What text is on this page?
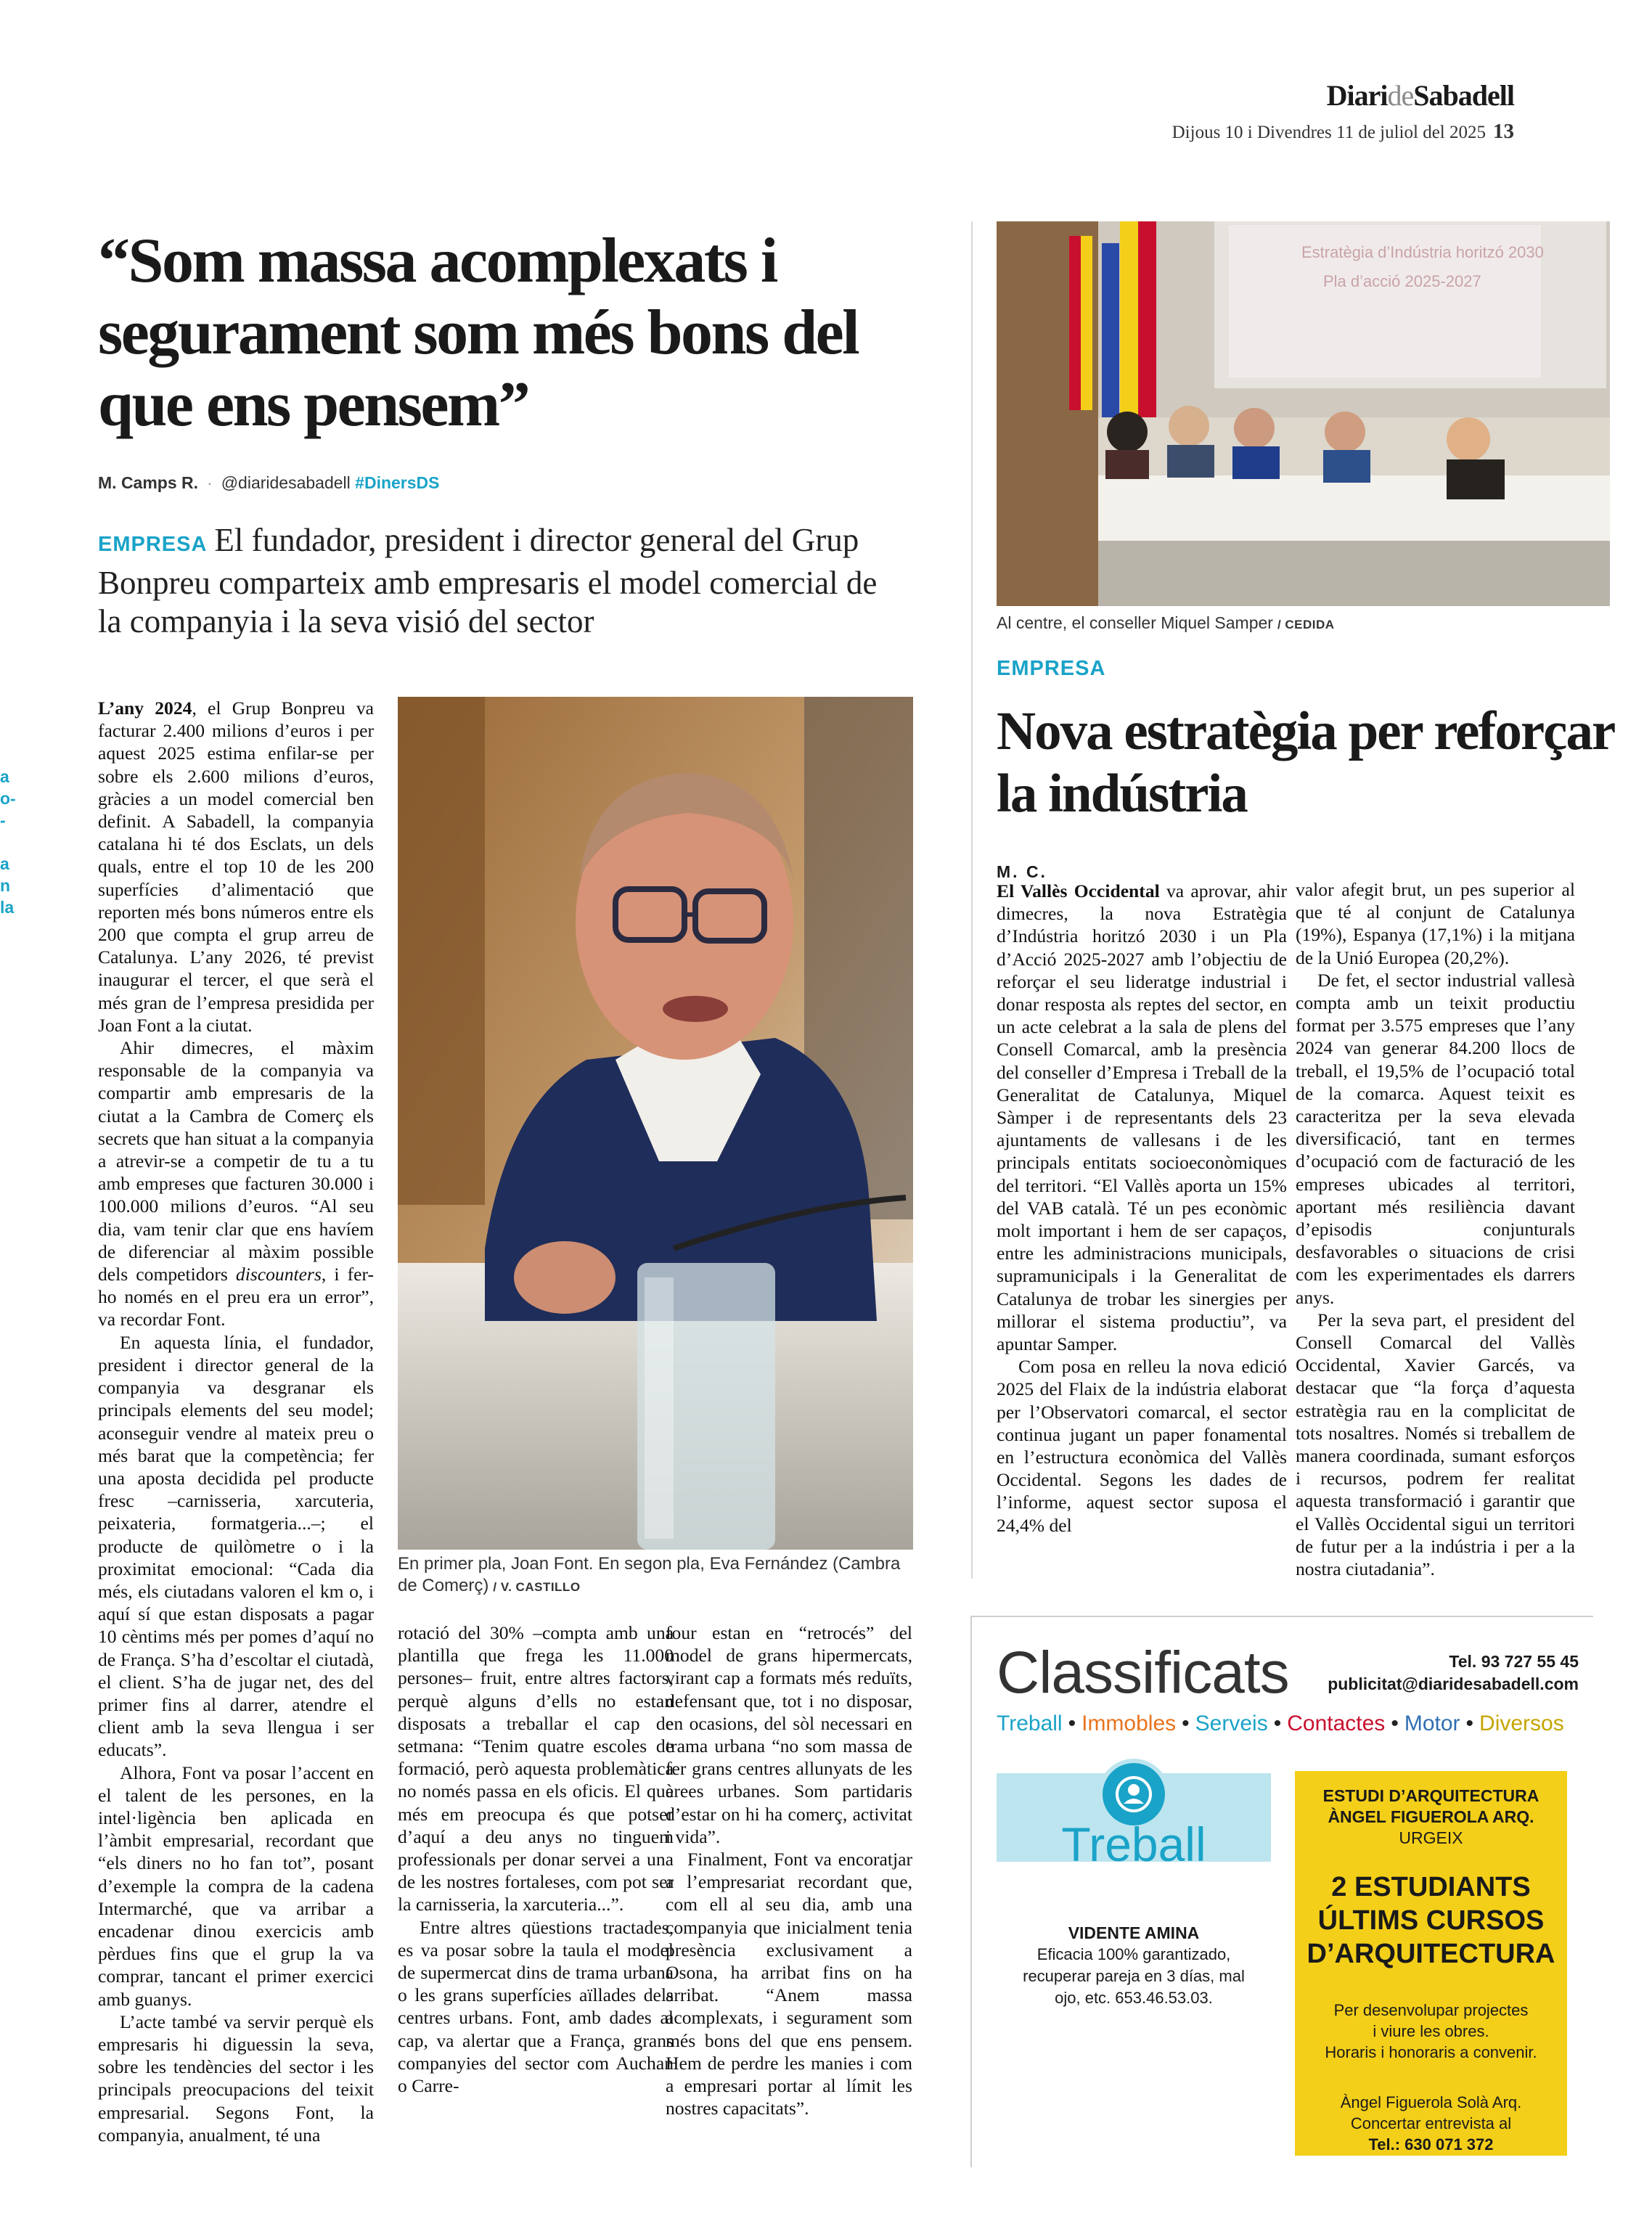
DiarideSabadell
Dijous 10 i Divendres 11 de juliol del 2025 13
a
o-
-

a
n
la
“Som massa acomplexats i segurament som més bons del que ens pensem”
M. Camps R. · @diaridesabadell #DinersDS
EMPRESA El fundador, president i director general del Grup Bonpreu comparteix amb empresaris el model comercial de la companyia i la seva visió del sector

L’any 2024, el Grup Bonpreu va facturar 2.400 milions d’euros i per aquest 2025 estima enfilar-se per sobre els 2.600 milions d’euros, gràcies a un model comercial ben definit. A Sabadell, la companyia catalana hi té dos Esclats, un dels quals, entre el top 10 de les 200 superfícies d’alimentació que reporten més bons números entre els 200 que compta el grup arreu de Catalunya. L’any 2026, té previst inaugurar el tercer, el que serà el més gran de l’empresa presidida per Joan Font a la ciutat.

Ahir dimecres, el màxim responsable de la companyia va compartir amb empresaris de la ciutat a la Cambra de Comerç els secrets que han situat a la companyia a atrevir-se a competir de tu a tu amb empreses que facturen 30.000 i 100.000 milions d’euros. “Al seu dia, vam tenir clar que ens havíem de diferenciar al màxim possible dels competidors discounters, i fer-ho només en el preu era un error”, va recordar Font.

En aquesta línia, el fundador, president i director general de la companyia va desgranar els principals elements del seu model; aconseguir vendre al mateix preu o més barat que la competència; fer una aposta decidida pel producte fresc –carnisseria, xarcuteria, peixateria, formatgeria...–; el producte de quilòmetre o i la proximitat emocional: “Cada dia més, els ciutadans valoren el km o, i aquí sí que estan disposats a pagar 10 cèntims més per pomes d’aquí no de França. S’ha d’escoltar el ciutadà, el client. S’ha de jugar net, des del primer fins al darrer, atendre el client amb la seva llengua i ser educats”.

Alhora, Font va posar l’accent en el talent de les persones, en la intel·ligència ben aplicada en l’àmbit empresarial, recordant que “els diners no ho fan tot”, posant d’exemple la compra de la cadena Intermarché, que va arribar a encadenar dinou exercicis amb pèrdues fins que el grup la va comprar, tancant el primer exercici amb guanys.

L’acte també va servir perquè els empresaris hi diguessin la seva, sobre les tendències del sector i les principals preocupacions del teixit empresarial. Segons Font, la companyia, anualment, té una

En primer pla, Joan Font. En segon pla, Eva Fernández (Cambra de Comerç) / V. CASTILLO

rotació del 30% –compta amb una plantilla que frega les 11.000 persones– fruit, entre altres factors, perquè alguns d’ells no estan disposats a treballar el cap de setmana: “Tenim quatre escoles de formació, però aquesta problemàtica no només passa en els oficis. El que més em preocupa és que potser d’aquí a deu anys no tinguem professionals per donar servei a una de les nostres fortaleses, com pot ser la carnisseria, la xarcuteria...”.

Entre altres qüestions tractades, es va posar sobre la taula el model de supermercat dins de trama urbana o les grans superfícies aïllades dels centres urbans. Font, amb dades al cap, va alertar que a França, grans companyies del sector com Auchan o Carre-

four estan en “retrocés” del model de grans hipermercats, virant cap a formats més reduïts, defensant que, tot i no disposar, en ocasions, del sòl necessari en trama urbana “no som massa de fer grans centres allunyats de les àrees urbanes. Som partidaris d’estar on hi ha comerç, activitat i vida”.

Finalment, Font va encoratjar a l’empresariat recordant que, com ell al seu dia, amb una companyia que inicialment tenia presència exclusivament a Osona, ha arribat fins on ha arribat. “Anem massa acomplexats, i segurament som més bons del que ens pensem. Hem de perdre les manies i com a empresari portar al límit les nostres capacitats”.

Estratègia d’Indústria horitzó 2030
Pla d’acció 2025-2027
Al centre, el conseller Miquel Samper / CEDIDA
EMPRESA
Nova estratègia per reforçar la indústria
M. C.

El Vallès Occidental va aprovar, ahir dimecres, la nova Estratègia d’Indústria horitzó 2030 i un Pla d’Acció 2025-2027 amb l’objectiu de reforçar el seu lideratge industrial i donar resposta als reptes del sector, en un acte celebrat a la sala de plens del Consell Comarcal, amb la presència del conseller d’Empresa i Treball de la Generalitat de Catalunya, Miquel Sàmper i de representants dels 23 ajuntaments de vallesans i de les principals entitats socioeconòmiques del territori. “El Vallès aporta un 15% del VAB català. Té un pes econòmic molt important i hem de ser capaços, entre les administracions municipals, supramunicipals i la Generalitat de Catalunya de trobar les sinergies per millorar el sistema productiu”, va apuntar Samper.

Com posa en relleu la nova edició 2025 del Flaix de la indústria elaborat per l’Observatori comarcal, el sector continua jugant un paper fonamental en l’estructura econòmica del Vallès Occidental. Segons les dades de l’informe, aquest sector suposa el 24,4% del

valor afegit brut, un pes superior al que té al conjunt de Catalunya (19%), Espanya (17,1%) i la mitjana de la Unió Europea (20,2%).

De fet, el sector industrial vallesà compta amb un teixit productiu format per 3.575 empreses que l’any 2024 van generar 84.200 llocs de treball, el 19,5% de l’ocupació total de la comarca. Aquest teixit es caracteritza per la seva elevada diversificació, tant en termes d’ocupació com de facturació de les empreses ubicades al territori, aportant més resiliència davant d’episodis conjunturals desfavorables o situacions de crisi com les experimentades els darrers anys.

Per la seva part, el president del Consell Comarcal del Vallès Occidental, Xavier Garcés, va destacar que “la força d’aquesta estratègia rau en la complicitat de tots nosaltres. Només si treballem de manera coordinada, sumant esforços i recursos, podrem fer realitat aquesta transformació i garantir que el Vallès Occidental sigui un territori de futur per a la indústria i per a la nostra ciutadania”.

Classificats	Tel. 93 727 55 45
publicitat@diaridesabadell.com
Treball • Immobles • Serveis • Contactes • Motor • Diversos
Treball
VIDENTE AMINA
Eficacia 100% garantizado,
recuperar pareja en 3 días, mal
ojo, etc. 653.46.53.03.
ESTUDI D’ARQUITECTURA
ÀNGEL FIGUEROLA ARQ.
URGEIX
2 ESTUDIANTS
ÚLTIMS CURSOS
D’ARQUITECTURA
Per desenvolupar projectes
i viure les obres.
Horaris i honoraris a convenir.
Àngel Figuerola Solà Arq.
Concertar entrevista al
Tel.: 630 071 372
